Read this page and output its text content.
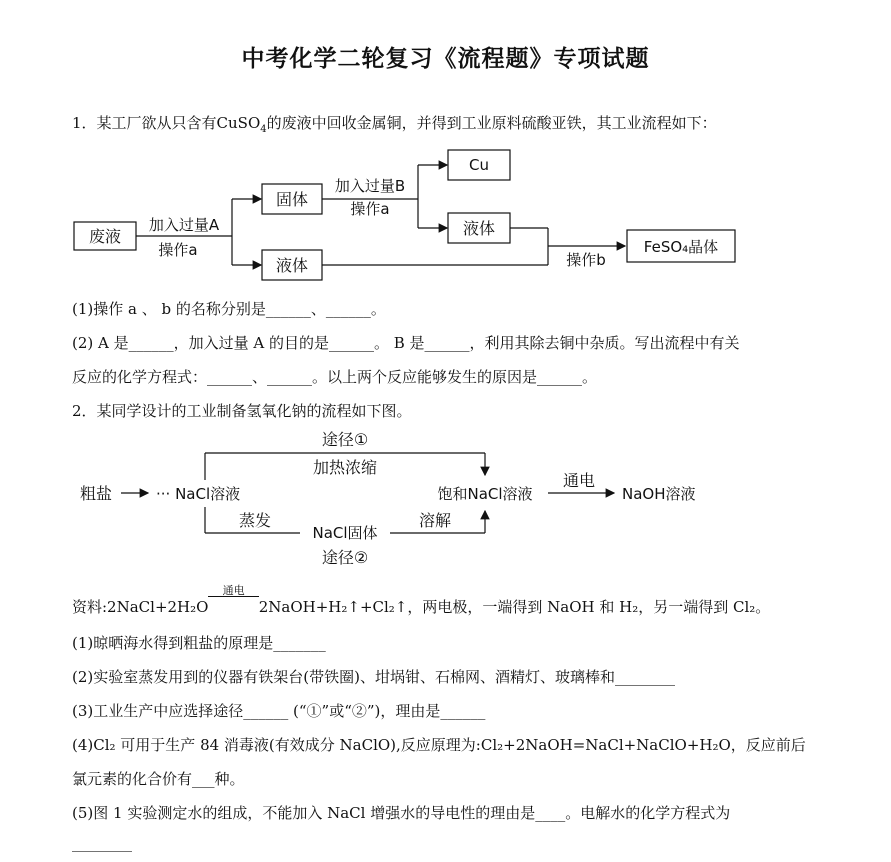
中考化学二轮复习《流程题》专项试题
1．某工厂欲从只含有CuSO$_4$的废液中回收金属铜，并得到工业原料硫酸亚铁，其工业流程如下：
废液
加入过量A
操作a
固体
液体
加入过量B
操作a
Cu
液体
操作b
FeSO₄晶体
(1)操作 a 、 b 的名称分别是______、______。
(2) A 是______，加入过量 A 的目的是______。 B 是______，利用其除去铜中杂质。写出流程中有关
反应的化学方程式：______、______。以上两个反应能够发生的原因是______。
2．某同学设计的工业制备氢氧化钠的流程如下图。
粗盐	··· NaCl溶液
途径①
加热浓缩
蒸发
NaCl固体
途径②
溶解
饱和NaCl溶液
通电
NaOH溶液
资料:2NaCl+2H₂O
通电
2NaOH+H₂↑+Cl₂↑，两电极，一端得到 NaOH 和 H₂，另一端得到 Cl₂。
(1)晾晒海水得到粗盐的原理是_______
(2)实验室蒸发用到的仪器有铁架台(带铁圈)、坩埚钳、石棉网、酒精灯、玻璃棒和________
(3)工业生产中应选择途径______ (“①”或“②”)，理由是______
(4)Cl₂ 可用于生产 84 消毒液(有效成分 NaClO),反应原理为:Cl₂+2NaOH=NaCl+NaClO+H₂O，反应前后
氯元素的化合价有___种。
(5)图 1 实验测定水的组成，不能加入 NaCl 增强水的导电性的理由是____。电解水的化学方程式为
________
